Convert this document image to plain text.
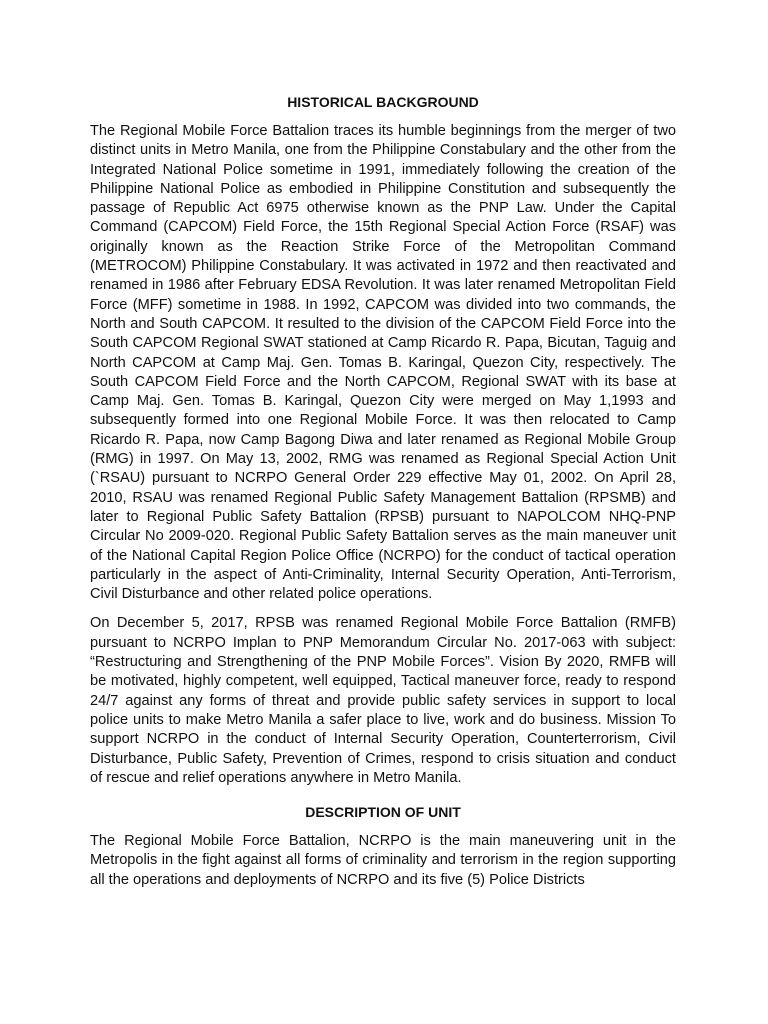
HISTORICAL BACKGROUND

The Regional Mobile Force Battalion traces its humble beginnings from the merger of two distinct units in Metro Manila, one from the Philippine Constabulary and the other from the Integrated National Police sometime in 1991, immediately following the creation of the Philippine National Police as embodied in Philippine Constitution and subsequently the passage of Republic Act 6975 otherwise known as the PNP Law. Under the Capital Command (CAPCOM) Field Force, the 15th Regional Special Action Force (RSAF) was originally known as the Reaction Strike Force of the Metropolitan Command (METROCOM) Philippine Constabulary. It was activated in 1972 and then reactivated and renamed in 1986 after February EDSA Revolution. It was later renamed Metropolitan Field Force (MFF) sometime in 1988. In 1992, CAPCOM was divided into two commands, the North and South CAPCOM. It resulted to the division of the CAPCOM Field Force into the South CAPCOM Regional SWAT stationed at Camp Ricardo R. Papa, Bicutan, Taguig and North CAPCOM at Camp Maj. Gen. Tomas B. Karingal, Quezon City, respectively. The South CAPCOM Field Force and the North CAPCOM, Regional SWAT with its base at Camp Maj. Gen. Tomas B. Karingal, Quezon City were merged on May 1,1993 and subsequently formed into one Regional Mobile Force. It was then relocated to Camp Ricardo R. Papa, now Camp Bagong Diwa and later renamed as Regional Mobile Group (RMG) in 1997. On May 13, 2002, RMG was renamed as Regional Special Action Unit (`RSAU) pursuant to NCRPO General Order 229 effective May 01, 2002. On April 28, 2010, RSAU was renamed Regional Public Safety Management Battalion (RPSMB) and later to Regional Public Safety Battalion (RPSB) pursuant to NAPOLCOM NHQ-PNP Circular No 2009-020. Regional Public Safety Battalion serves as the main maneuver unit of the National Capital Region Police Office (NCRPO) for the conduct of tactical operation particularly in the aspect of Anti-Criminality, Internal Security Operation, Anti-Terrorism, Civil Disturbance and other related police operations.

On December 5, 2017, RPSB was renamed Regional Mobile Force Battalion (RMFB) pursuant to NCRPO Implan to PNP Memorandum Circular No. 2017-063 with subject: “Restructuring and Strengthening of the PNP Mobile Forces”. Vision By 2020, RMFB will be motivated, highly competent, well equipped, Tactical maneuver force, ready to respond 24/7 against any forms of threat and provide public safety services in support to local police units to make Metro Manila a safer place to live, work and do business. Mission To support NCRPO in the conduct of Internal Security Operation, Counterterrorism, Civil Disturbance, Public Safety, Prevention of Crimes, respond to crisis situation and conduct of rescue and relief operations anywhere in Metro Manila.

DESCRIPTION OF UNIT

The Regional Mobile Force Battalion, NCRPO is the main maneuvering unit in the Metropolis in the fight against all forms of criminality and terrorism in the region supporting all the operations and deployments of NCRPO and its five (5) Police Districts
